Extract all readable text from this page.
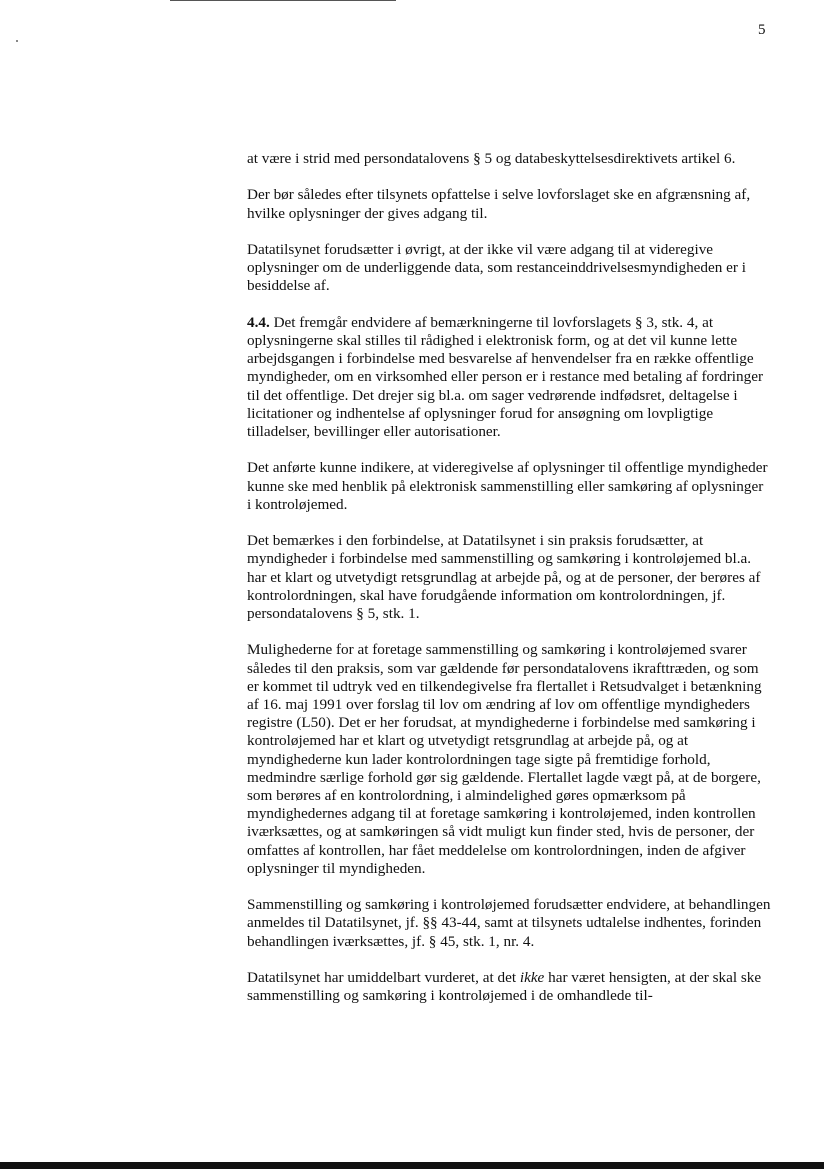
5

at være i strid med persondatalovens § 5 og databeskyttelsesdirektivets artikel 6.

Der bør således efter tilsynets opfattelse i selve lovforslaget ske en afgrænsning af, hvilke oplysninger der gives adgang til.

Datatilsynet forudsætter i øvrigt, at der ikke vil være adgang til at videregive oplysninger om de underliggende data, som restanceinddrivelsesmyndigheden er i besiddelse af.

4.4. Det fremgår endvidere af bemærkningerne til lovforslagets § 3, stk. 4, at oplysningerne skal stilles til rådighed i elektronisk form, og at det vil kunne lette arbejdsgangen i forbindelse med besvarelse af henvendelser fra en række offentlige myndigheder, om en virksomhed eller person er i restance med betaling af fordringer til det offentlige. Det drejer sig bl.a. om sager vedrørende indfødsret, deltagelse i licitationer og indhentelse af oplysninger forud for ansøgning om lovpligtige tilladelser, bevillinger eller autorisationer.

Det anførte kunne indikere, at videregivelse af oplysninger til offentlige myndigheder kunne ske med henblik på elektronisk sammenstilling eller samkøring af oplysninger i kontroløjemed.

Det bemærkes i den forbindelse, at Datatilsynet i sin praksis forudsætter, at myndigheder i forbindelse med sammenstilling og samkøring i kontroløjemed bl.a. har et klart og utvetydigt retsgrundlag at arbejde på, og at de personer, der berøres af kontrolordningen, skal have forudgående information om kontrolordningen, jf. persondatalovens § 5, stk. 1.

Mulighederne for at foretage sammenstilling og samkøring i kontroløjemed svarer således til den praksis, som var gældende før persondatalovens ikrafttræden, og som er kommet til udtryk ved en tilkendegivelse fra flertallet i Retsudvalget i betænkning af 16. maj 1991 over forslag til lov om ændring af lov om offentlige myndigheders registre (L50). Det er her forudsat, at myndighederne i forbindelse med samkøring i kontroløjemed har et klart og utvetydigt retsgrundlag at arbejde på, og at myndighederne kun lader kontrolordningen tage sigte på fremtidige forhold, medmindre særlige forhold gør sig gældende. Flertallet lagde vægt på, at de borgere, som berøres af en kontrolordning, i almindelighed gøres opmærksom på myndighedernes adgang til at foretage samkøring i kontroløjemed, inden kontrollen iværksættes, og at samkøringen så vidt muligt kun finder sted, hvis de personer, der omfattes af kontrollen, har fået meddelelse om kontrolordningen, inden de afgiver oplysninger til myndigheden.

Sammenstilling og samkøring i kontroløjemed forudsætter endvidere, at behandlingen anmeldes til Datatilsynet, jf. §§ 43-44, samt at tilsynets udtalelse indhentes, forinden behandlingen iværksættes, jf. § 45, stk. 1, nr. 4.

Datatilsynet har umiddelbart vurderet, at det ikke har været hensigten, at der skal ske sammenstilling og samkøring i kontroløjemed i de omhandlede til-
